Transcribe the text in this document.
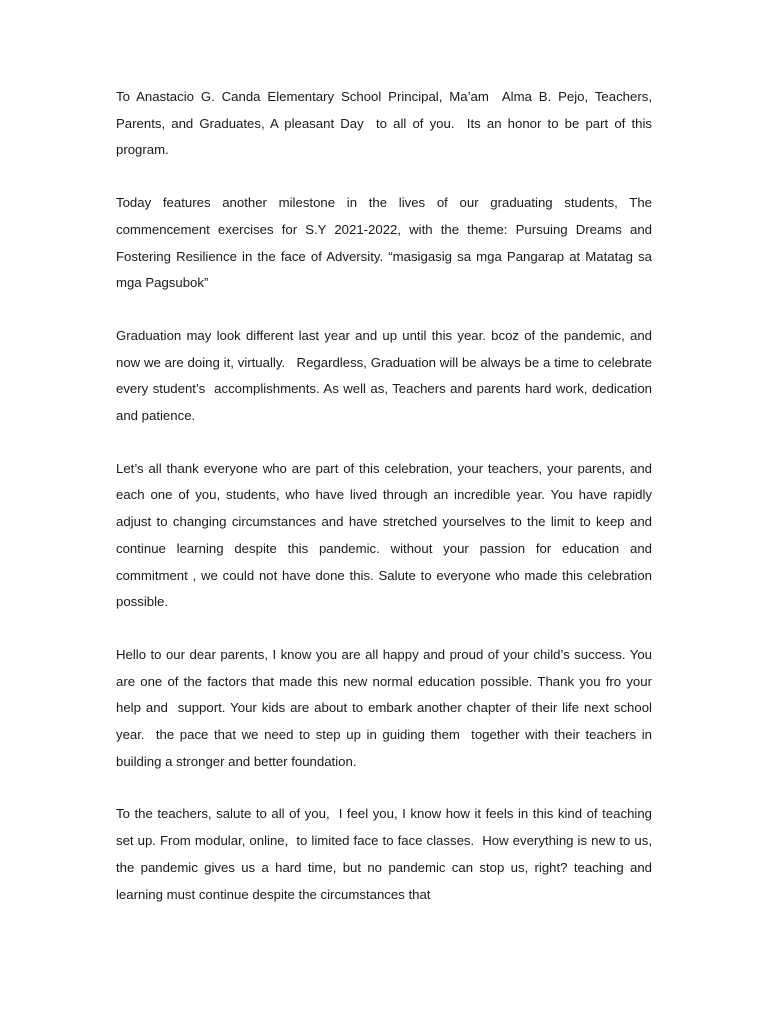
To Anastacio G. Canda Elementary School Principal, Ma’am  Alma B. Pejo, Teachers, Parents, and Graduates, A pleasant Day  to all of you.  Its an honor to be part of this program.

Today features another milestone in the lives of our graduating students, The commencement exercises for S.Y 2021-2022, with the theme: Pursuing Dreams and Fostering Resilience in the face of Adversity. “masigasig sa mga Pangarap at Matatag sa mga Pagsubok”

Graduation may look different last year and up until this year. bcoz of the pandemic, and now we are doing it, virtually.   Regardless, Graduation will be always be a time to celebrate every student’s  accomplishments. As well as, Teachers and parents hard work, dedication and patience.

Let’s all thank everyone who are part of this celebration, your teachers, your parents, and each one of you, students, who have lived through an incredible year. You have rapidly adjust to changing circumstances and have stretched yourselves to the limit to keep and continue learning despite this pandemic. without your passion for education and commitment , we could not have done this. Salute to everyone who made this celebration possible.

Hello to our dear parents, I know you are all happy and proud of your child’s success. You are one of the factors that made this new normal education possible. Thank you fro your help and  support. Your kids are about to embark another chapter of their life next school year.  the pace that we need to step up in guiding them  together with their teachers in building a stronger and better foundation.

To the teachers, salute to all of you,  I feel you, I know how it feels in this kind of teaching set up. From modular, online,  to limited face to face classes.  How everything is new to us,  the pandemic gives us a hard time, but no pandemic can stop us, right? teaching and learning must continue despite the circumstances that
